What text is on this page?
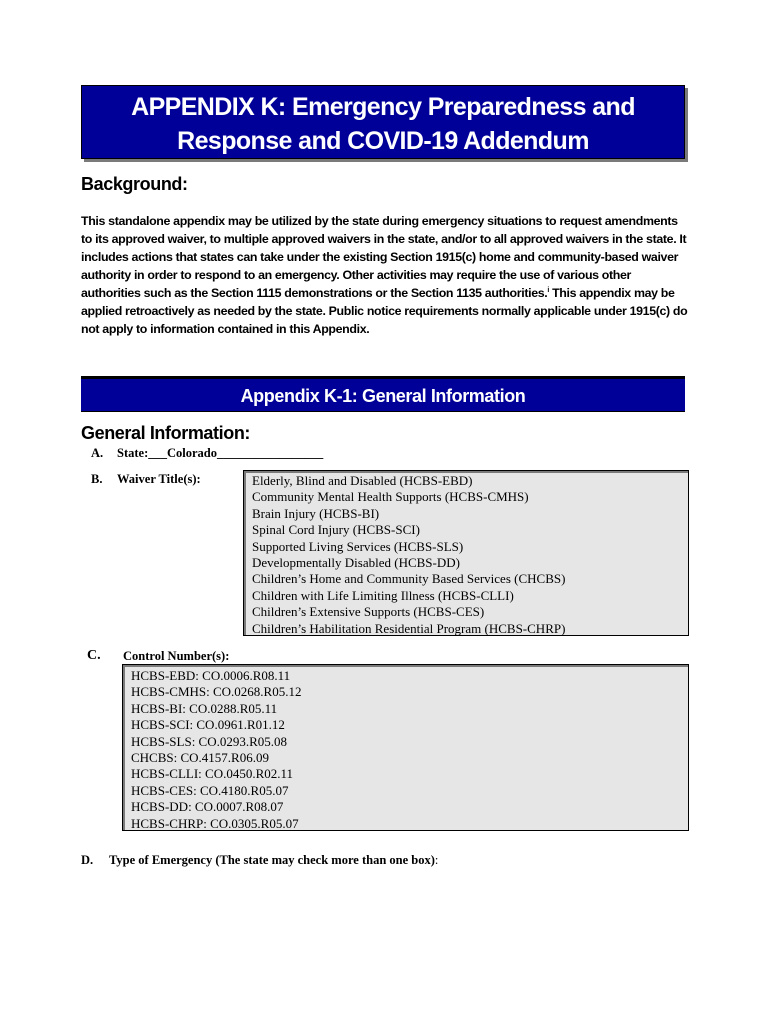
APPENDIX K: Emergency Preparedness and
Response and COVID-19 Addendum
Background:
This standalone appendix may be utilized by the state during emergency situations to request amendments to its approved waiver, to multiple approved waivers in the state, and/or to all approved waivers in the state. It includes actions that states can take under the existing Section 1915(c) home and community-based waiver authority in order to respond to an emergency. Other activities may require the use of various other authorities such as the Section 1115 demonstrations or the Section 1135 authorities.$^i$ This appendix may be applied retroactively as needed by the state. Public notice requirements normally applicable under 1915(c) do not apply to information contained in this Appendix.
Appendix K-1: General Information
General Information:
A. State:___Colorado_________________
B. Waiver Title(s):	Elderly, Blind and Disabled (HCBS-EBD)
Community Mental Health Supports (HCBS-CMHS)
Brain Injury (HCBS-BI)
Spinal Cord Injury (HCBS-SCI)
Supported Living Services (HCBS-SLS)
Developmentally Disabled (HCBS-DD)
Children’s Home and Community Based Services (CHCBS)
Children with Life Limiting Illness (HCBS-CLLI)
Children’s Extensive Supports (HCBS-CES)
Children’s Habilitation Residential Program (HCBS-CHRP)
C. Control Number(s):
HCBS-EBD: CO.0006.R08.11
HCBS-CMHS: CO.0268.R05.12
HCBS-BI: CO.0288.R05.11
HCBS-SCI: CO.0961.R01.12
HCBS-SLS: CO.0293.R05.08
CHCBS: CO.4157.R06.09
HCBS-CLLI: CO.0450.R02.11
HCBS-CES: CO.4180.R05.07
HCBS-DD: CO.0007.R08.07
HCBS-CHRP: CO.0305.R05.07
D. Type of Emergency (The state may check more than one box):
